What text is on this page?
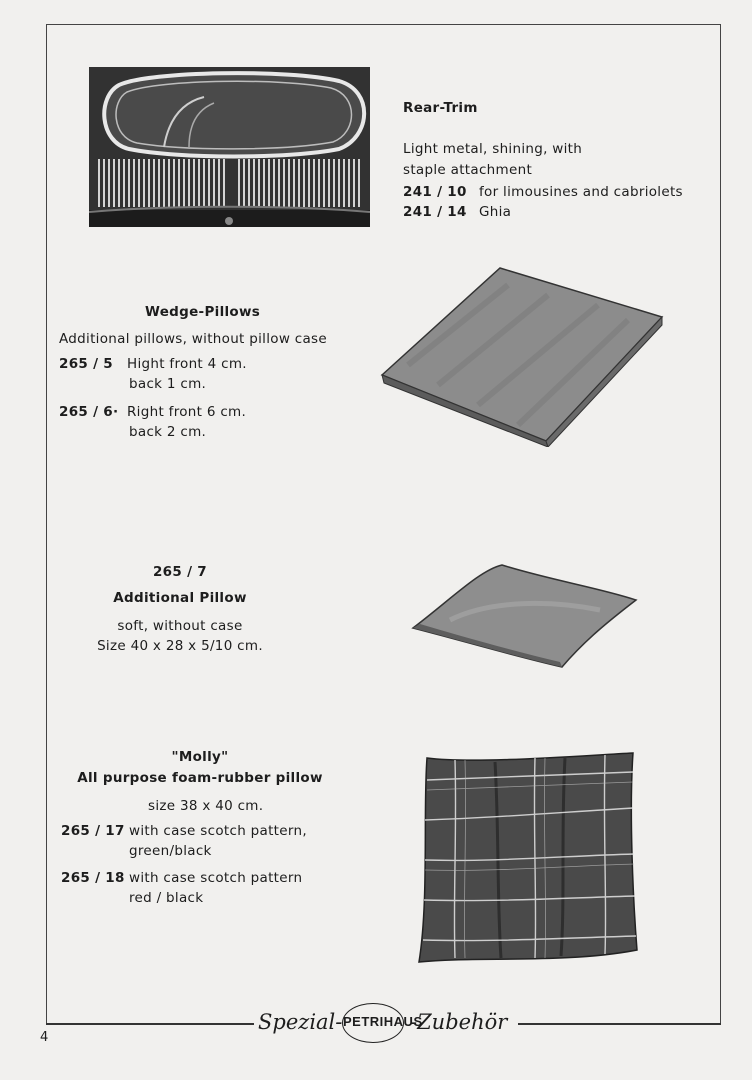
Rear-Trim
Light metal, shining, with
staple attachment
241 / 10 for limousines and cabriolets
241 / 14 Ghia
Wedge-Pillows
Additional pillows, without pillow case
265 / 5 Hight front 4 cm.
back 1 cm.
265 / 6· Right front 6 cm.
back 2 cm.
265 / 7
Additional Pillow
soft, without case
Size 40 x 28 x 5/10 cm.
"Molly"
All purpose foam-rubber pillow
size 38 x 40 cm.
265 / 17 with case scotch pattern,
green/black
265 / 18 with case scotch pattern
red / black
Spezial- PETRIHAUS
-Zubehör
4
